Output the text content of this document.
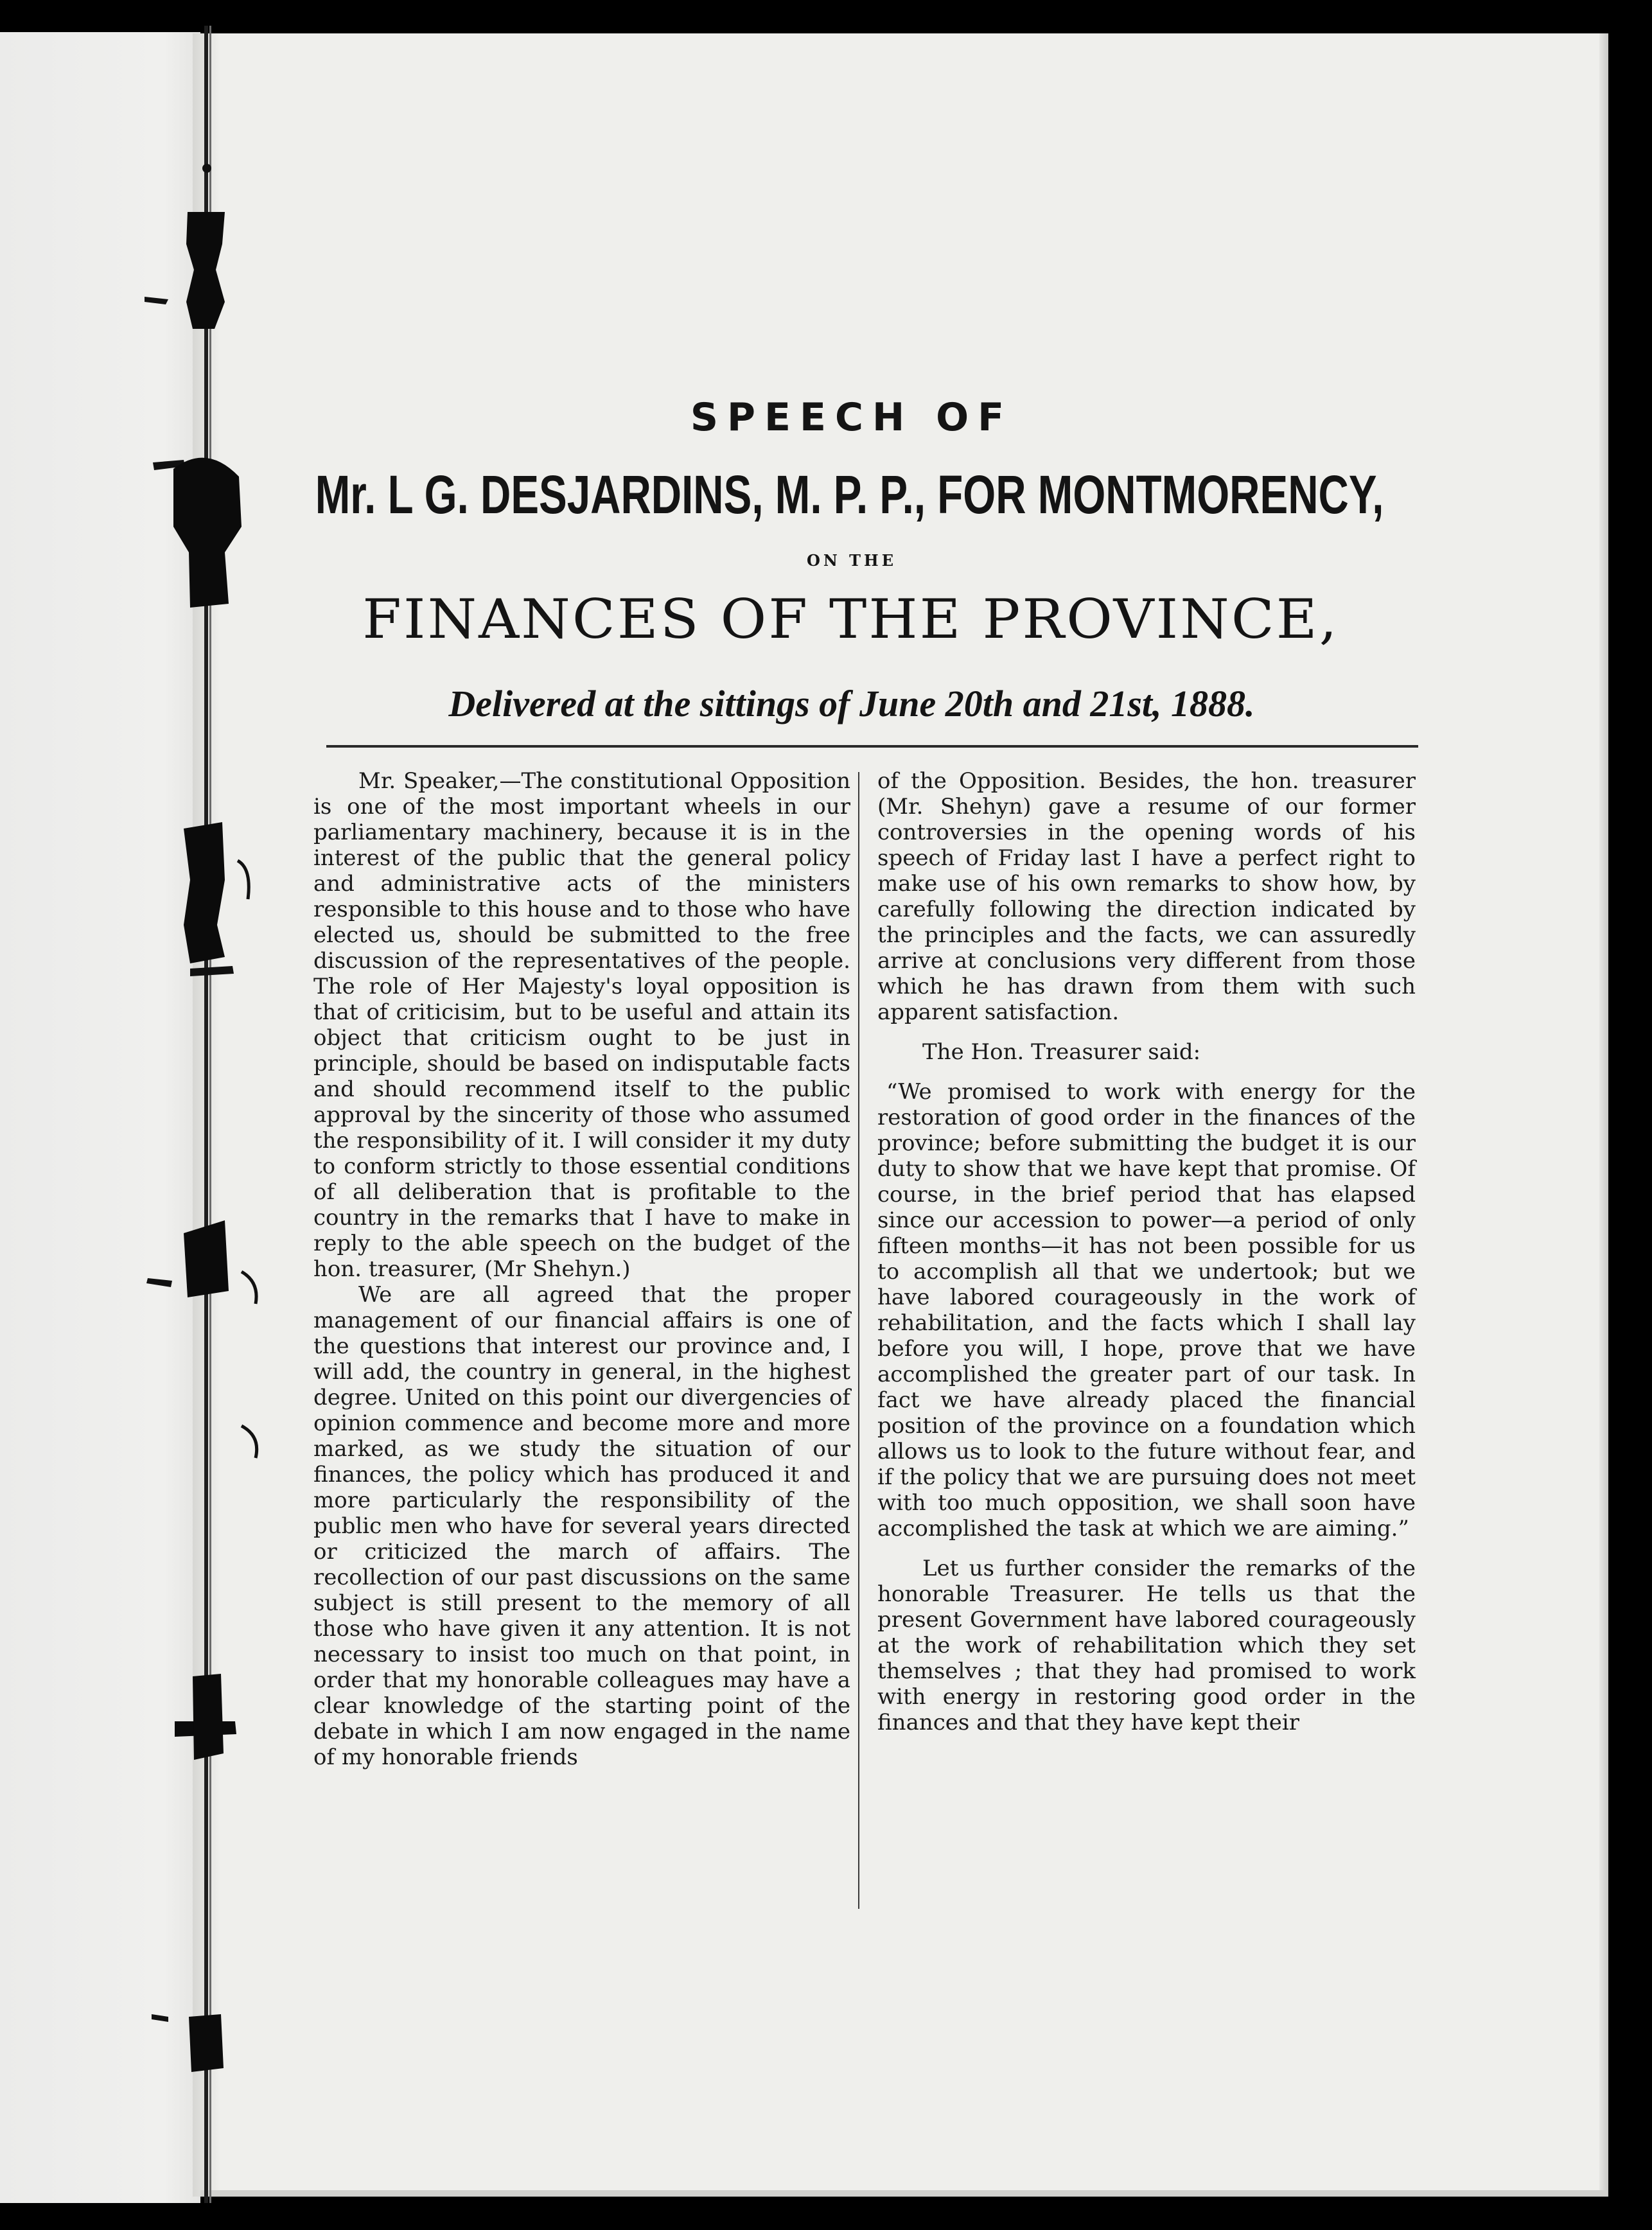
SPEECH OF
Mr. L G. DESJARDINS, M. P. P., FOR MONTMORENCY,
ON THE
FINANCES OF THE PROVINCE,
Delivered at the sittings of June 20th and 21st, 1888.

Mr. Speaker,—The constitutional Opposition is one of the most important wheels in our parliamentary machinery, because it is in the interest of the public that the general policy and administrative acts of the ministers responsible to this house and to those who have elected us, should be submitted to the free discussion of the representatives of the people. The role of Her Majesty's loyal opposition is that of criticisim, but to be useful and attain its object that criticism ought to be just in principle, should be based on indisputable facts and should recommend itself to the public approval by the sincerity of those who assumed the responsibility of it. I will consider it my duty to conform strictly to those essential conditions of all deliberation that is profitable to the country in the remarks that I have to make in reply to the able speech on the budget of the hon. treasurer, (Mr Shehyn.)

We are all agreed that the proper management of our financial affairs is one of the questions that interest our province and, I will add, the country in general, in the highest degree. United on this point our divergencies of opinion commence and become more and more marked, as we study the situation of our finances, the policy which has produced it and more particularly the responsibility of the public men who have for several years directed or criticized the march of affairs. The recollection of our past discussions on the same subject is still present to the memory of all those who have given it any attention. It is not necessary to insist too much on that point, in order that my honorable colleagues may have a clear knowledge of the starting point of the debate in which I am now engaged in the name of my honorable friends

of the Opposition. Besides, the hon. treasurer (Mr. Shehyn) gave a resume of our former controversies in the opening words of his speech of Friday last I have a perfect right to make use of his own remarks to show how, by carefully following the direction indicated by the principles and the facts, we can assuredly arrive at conclusions very different from those which he has drawn from them with such apparent satisfaction.

The Hon. Treasurer said:

“We promised to work with energy for the restoration of good order in the finances of the province; before submitting the budget it is our duty to show that we have kept that promise. Of course, in the brief period that has elapsed since our accession to power—a period of only fifteen months—it has not been possible for us to accomplish all that we undertook; but we have labored courageously in the work of rehabilitation, and the facts which I shall lay before you will, I hope, prove that we have accomplished the greater part of our task. In fact we have already placed the financial position of the province on a foundation which allows us to look to the future without fear, and if the policy that we are pursuing does not meet with too much opposition, we shall soon have accomplished the task at which we are aiming.”

Let us further consider the remarks of the honorable Treasurer. He tells us that the present Government have labored courageously at the work of rehabilitation which they set themselves ; that they had promised to work with energy in restoring good order in the finances and that they have kept their
